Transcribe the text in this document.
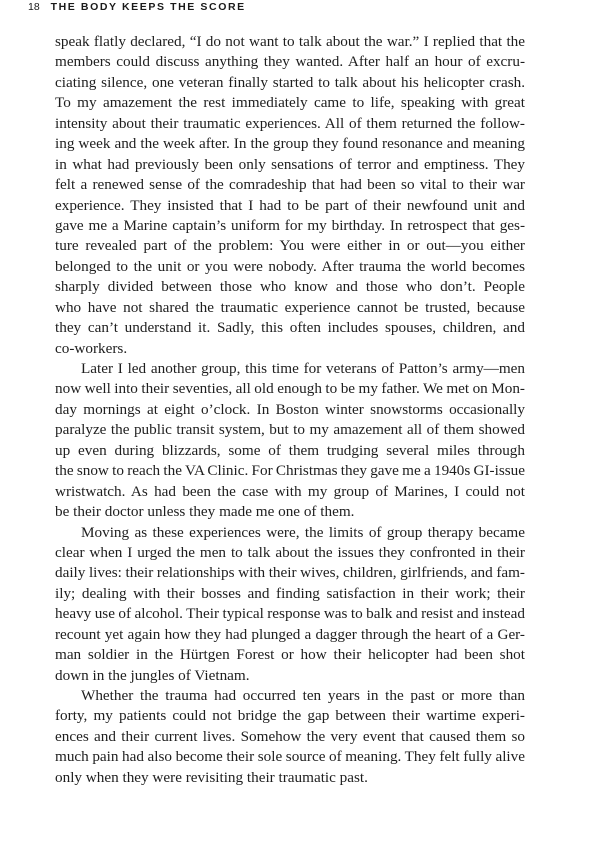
18 THE BODY KEEPS THE SCORE
speak flatly declared, “I do not want to talk about the war.” I replied that the
members could discuss anything they wanted. After half an hour of excru-
ciating silence, one veteran finally started to talk about his helicopter crash.
To my amazement the rest immediately came to life, speaking with great
intensity about their traumatic experiences. All of them returned the follow-
ing week and the week after. In the group they found resonance and meaning
in what had previously been only sensations of terror and emptiness. They
felt a renewed sense of the comradeship that had been so vital to their war
experience. They insisted that I had to be part of their newfound unit and
gave me a Marine captain’s uniform for my birthday. In retrospect that ges-
ture revealed part of the problem: You were either in or out—you either
belonged to the unit or you were nobody. After trauma the world becomes
sharply divided between those who know and those who don’t. People
who have not shared the traumatic experience cannot be trusted, because
they can’t understand it. Sadly, this often includes spouses, children, and
co-workers.
Later I led another group, this time for veterans of Patton’s army—men
now well into their seventies, all old enough to be my father. We met on Mon-
day mornings at eight o’clock. In Boston winter snowstorms occasionally
paralyze the public transit system, but to my amazement all of them showed
up even during blizzards, some of them trudging several miles through
the snow to reach the VA Clinic. For Christmas they gave me a 1940s GI-issue
wristwatch. As had been the case with my group of Marines, I could not
be their doctor unless they made me one of them.
Moving as these experiences were, the limits of group therapy became
clear when I urged the men to talk about the issues they confronted in their
daily lives: their relationships with their wives, children, girlfriends, and fam-
ily; dealing with their bosses and finding satisfaction in their work; their
heavy use of alcohol. Their typical response was to balk and resist and instead
recount yet again how they had plunged a dagger through the heart of a Ger-
man soldier in the Hürtgen Forest or how their helicopter had been shot
down in the jungles of Vietnam.
Whether the trauma had occurred ten years in the past or more than
forty, my patients could not bridge the gap between their wartime experi-
ences and their current lives. Somehow the very event that caused them so
much pain had also become their sole source of meaning. They felt fully alive
only when they were revisiting their traumatic past.
